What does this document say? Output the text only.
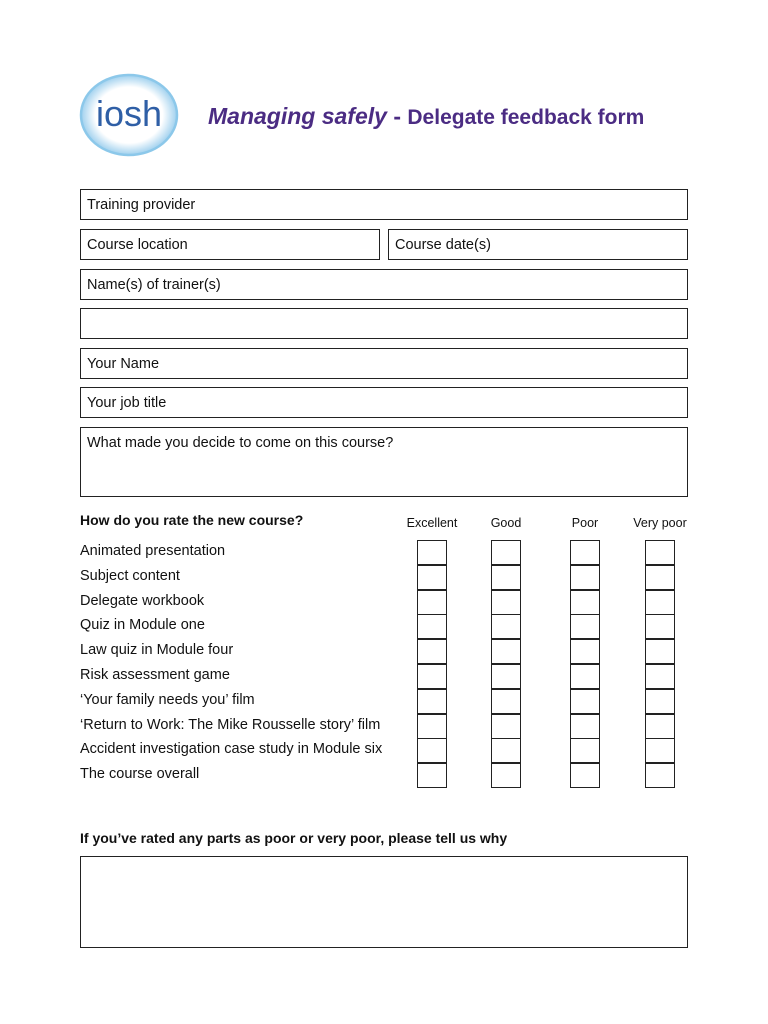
iosh Managing safely - Delegate feedback form
Training provider
Course location	Course date(s)
Name(s) of trainer(s)
Your Name
Your job title
What made you decide to come on this course?
How do you rate the new course?	Excellent	Good	Poor	Very poor
Animated presentation
Subject content
Delegate workbook
Quiz in Module one
Law quiz in Module four
Risk assessment game
‘Your family needs you’ film
‘Return to Work: The Mike Rousselle story’ film
Accident investigation case study in Module six
The course overall
If you’ve rated any parts as poor or very poor, please tell us why
